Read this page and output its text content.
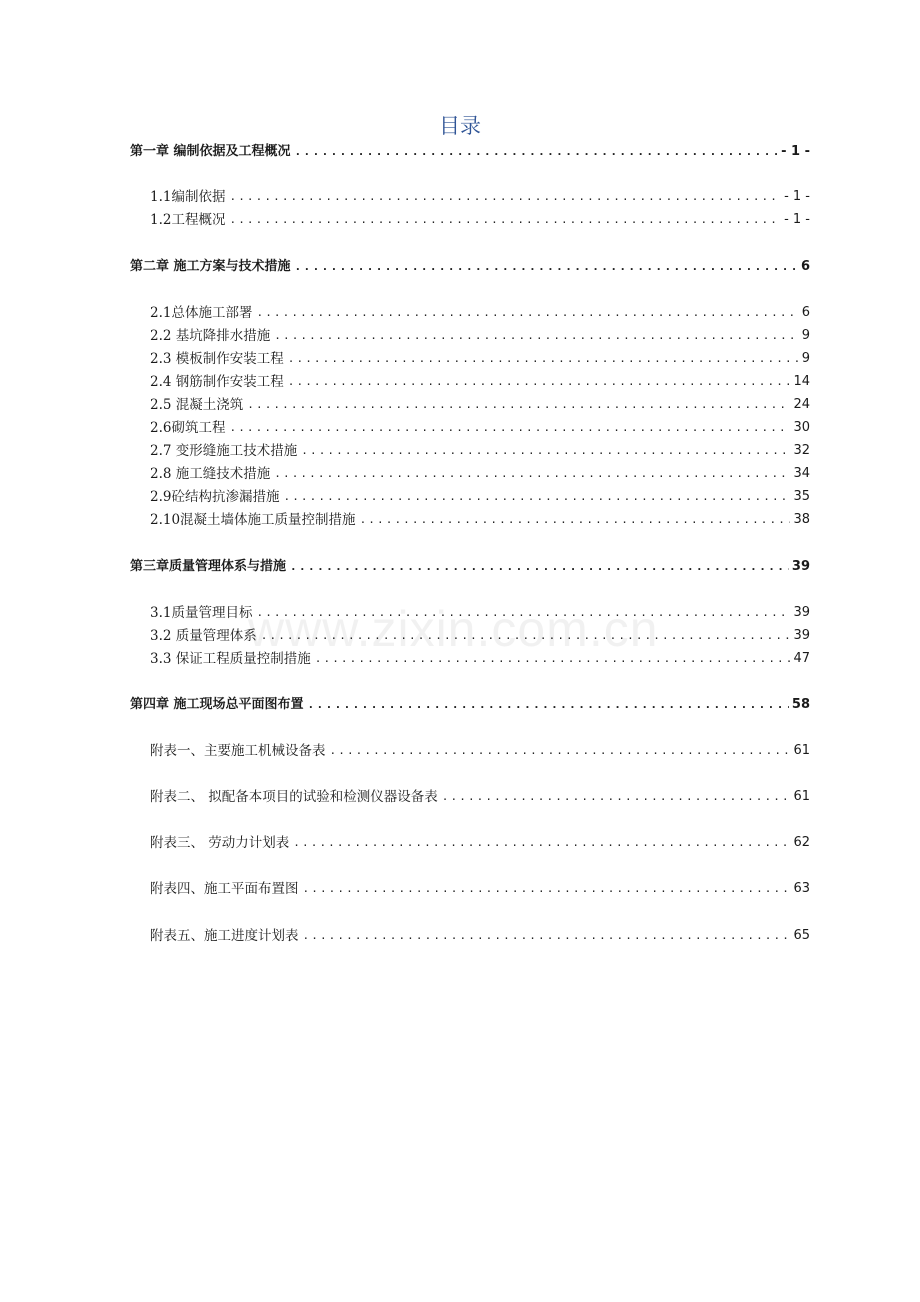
目录
www.zixin.com.cn
第一章 编制依据及工程概况 .....	- 1 -
1.1编制依据 .....	- 1 -
1.2工程概况 .....	- 1 -
第二章 施工方案与技术措施 .....	6
2.1总体施工部署 .....	6
2.2 基坑降排水措施 .....	9
2.3 模板制作安装工程 .....	9
2.4 钢筋制作安装工程 .....	14
2.5 混凝土浇筑 .....	24
2.6砌筑工程 .....	30
2.7 变形缝施工技术措施 .....	32
2.8 施工缝技术措施 .....	34
2.9砼结构抗渗漏措施 .....	35
2.10混凝土墙体施工质量控制措施 .....	38
第三章质量管理体系与措施 .....	39
3.1质量管理目标 .....	39
3.2 质量管理体系 .....	39
3.3 保证工程质量控制措施 .....	47
第四章 施工现场总平面图布置 .....	58
附表一、主要施工机械设备表 .....	61
附表二、 拟配备本项目的试验和检测仪器设备表 .....	61
附表三、 劳动力计划表 .....	62
附表四、施工平面布置图 .....	63
附表五、施工进度计划表 .....	65
